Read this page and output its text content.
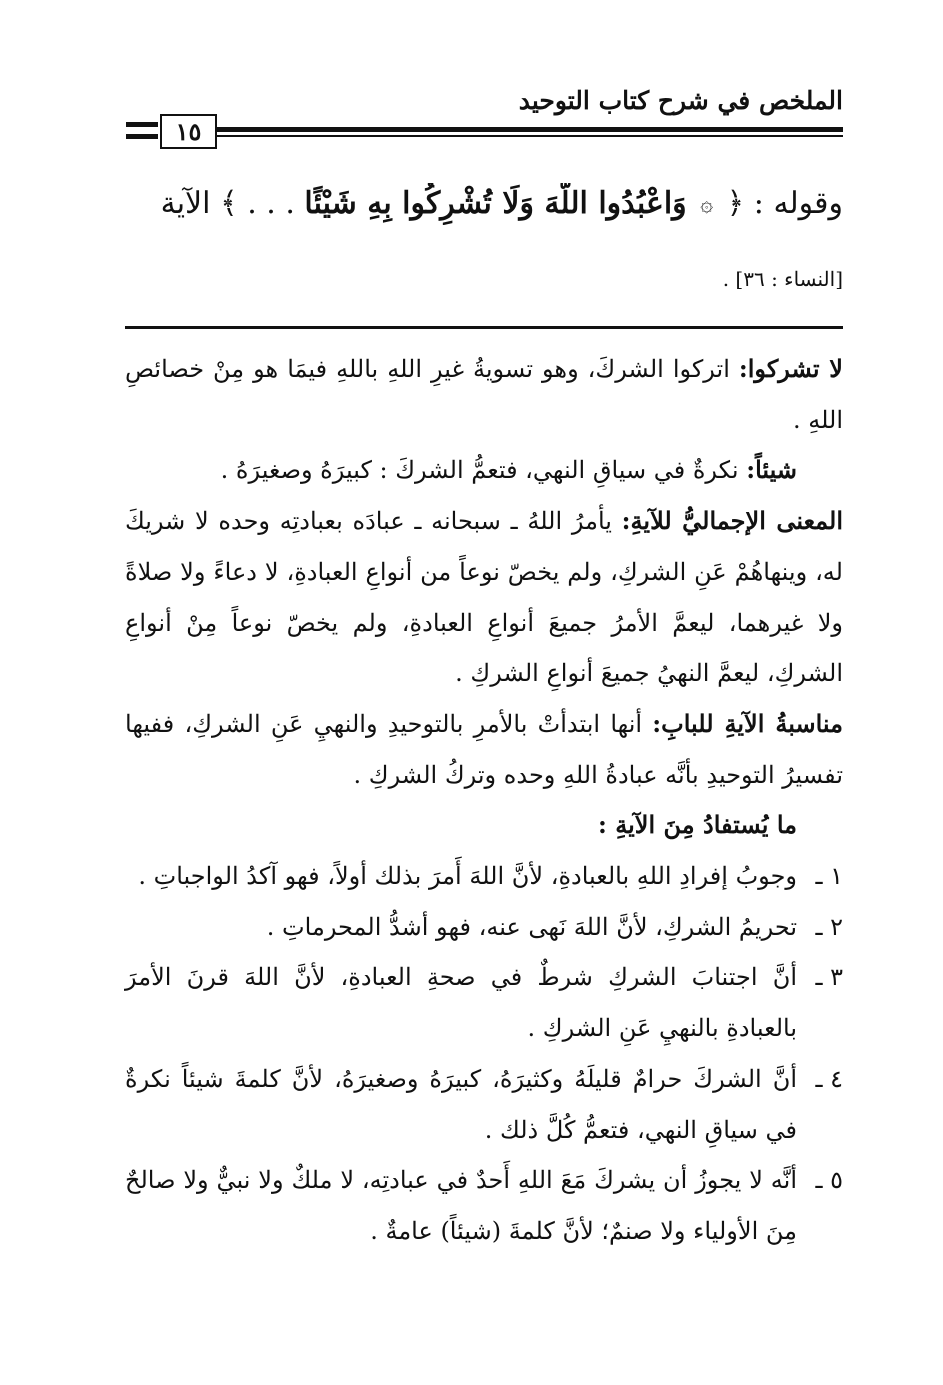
الملخص في شرح كتاب التوحيد
١٥
وقوله : ﴿ ۞ وَاعْبُدُوا اللَّهَ وَلَا تُشْرِكُوا بِهِ شَيْئًا . . . ﴾ الآية
[النساء : ٣٦] .

لا تشركوا: اتركوا الشركَ، وهو تسويةُ غيرِ اللهِ باللهِ فيمَا هو مِنْ خصائصِ اللهِ .

شيئاً: نكرةٌ في سياقِ النهي، فتعمُّ الشركَ : كبيرَهُ وصغيرَهُ .

المعنى الإجماليُّ للآيةِ: يأمرُ اللهُ ـ سبحانه ـ عبادَه بعبادتِه وحده لا شريكَ له، وينهاهُمْ عَنِ الشركِ، ولم يخصّ نوعاً من أنواعِ العبادةِ، لا دعاءً ولا صلاةً ولا غيرهما، ليعمَّ الأمرُ جميعَ أنواعِ العبادةِ، ولم يخصّ نوعاً مِنْ أنواعِ الشركِ، ليعمَّ النهيُ جميعَ أنواعِ الشركِ .

مناسبةُ الآيةِ للبابِ: أنها ابتدأتْ بالأمرِ بالتوحيدِ والنهيِ عَنِ الشركِ، ففيها تفسيرُ التوحيدِ بأنَّه عبادةُ اللهِ وحده وتركُ الشركِ .

ما يُستفادُ مِنَ الآيةِ :

١ ـ
وجوبُ إفرادِ اللهِ بالعبادةِ، لأنَّ اللهَ أَمرَ بذلك أولاً، فهو آكدُ الواجباتِ .
٢ ـ
تحريمُ الشركِ، لأنَّ اللهَ نَهى عنه، فهو أشدُّ المحرماتِ .
٣ ـ
أنَّ اجتنابَ الشركِ شرطٌ في صحةِ العبادةِ، لأنَّ اللهَ قرنَ الأمرَ بالعبادةِ بالنهيِ عَنِ الشركِ .
٤ ـ
أنَّ الشركَ حرامٌ قليلَهُ وكثيرَهُ، كبيرَهُ وصغيرَهُ، لأنَّ كلمةَ شيئاً نكرةٌ في سياقِ النهي، فتعمُّ كُلَّ ذلك .
٥ ـ
أنَّه لا يجوزُ أن يشركَ مَعَ اللهِ أَحدٌ في عبادتِه، لا ملكٌ ولا نبيٌّ ولا صالحٌ مِنَ الأولياء ولا صنمٌ؛ لأنَّ كلمةَ (شيئاً) عامةٌ .
